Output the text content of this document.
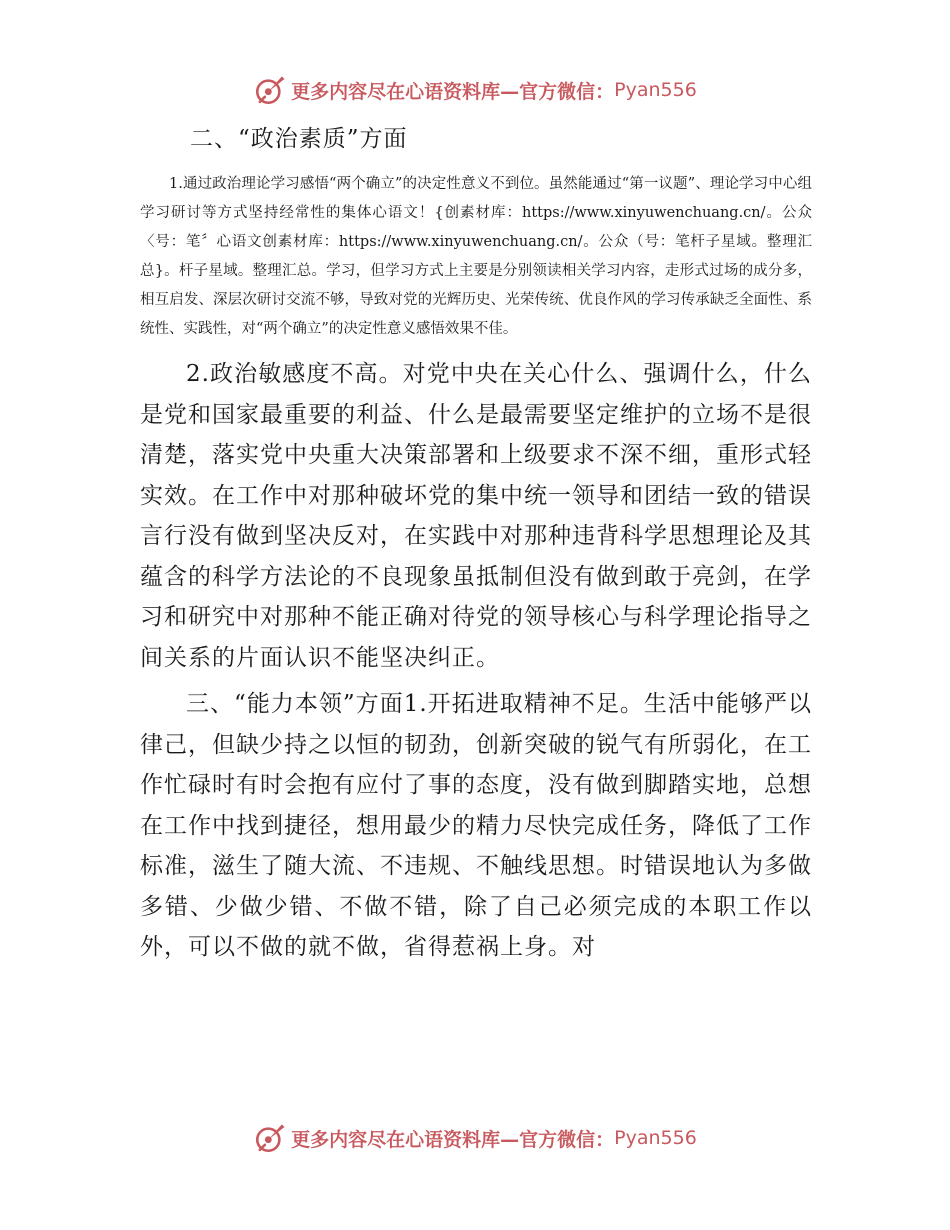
更多内容尽在心语资料库—官方微信： Pyan556
二、“政治素质”方面

1.通过政治理论学习感悟“两个确立”的决定性意义不到位。虽然能通过“第一议题”、理论学习中心组学习研讨等方式坚持经常性的集体心语文！{创素材库：https://www.xinyuwenchuang.cn/。公众〈号：笔〞心语文创素材库：https://www.xinyuwenchuang.cn/。公众（号：笔杆子星域。整理汇总}。杆子星域。整理汇总。学习，但学习方式上主要是分别领读相关学习内容，走形式过场的成分多，相互启发、深层次研讨交流不够，导致对党的光辉历史、光荣传统、优良作风的学习传承缺乏全面性、系统性、实践性，对“两个确立”的决定性意义感悟效果不佳。

2.政治敏感度不高。对党中央在关心什么、强调什么，什么是党和国家最重要的利益、什么是最需要坚定维护的立场不是很清楚，落实党中央重大决策部署和上级要求不深不细，重形式轻实效。在工作中对那种破坏党的集中统一领导和团结一致的错误言行没有做到坚决反对，在实践中对那种违背科学思想理论及其蕴含的科学方法论的不良现象虽抵制但没有做到敢于亮剑，在学习和研究中对那种不能正确对待党的领导核心与科学理论指导之间关系的片面认识不能坚决纠正。

三、“能力本领”方面1.开拓进取精神不足。生活中能够严以律己，但缺少持之以恒的韧劲，创新突破的锐气有所弱化，在工作忙碌时有时会抱有应付了事的态度，没有做到脚踏实地，总想在工作中找到捷径，想用最少的精力尽快完成任务，降低了工作标准，滋生了随大流、不违规、不触线思想。时错误地认为多做多错、少做少错、不做不错，除了自己必须完成的本职工作以外，可以不做的就不做，省得惹祸上身。对

更多内容尽在心语资料库—官方微信： Pyan556
